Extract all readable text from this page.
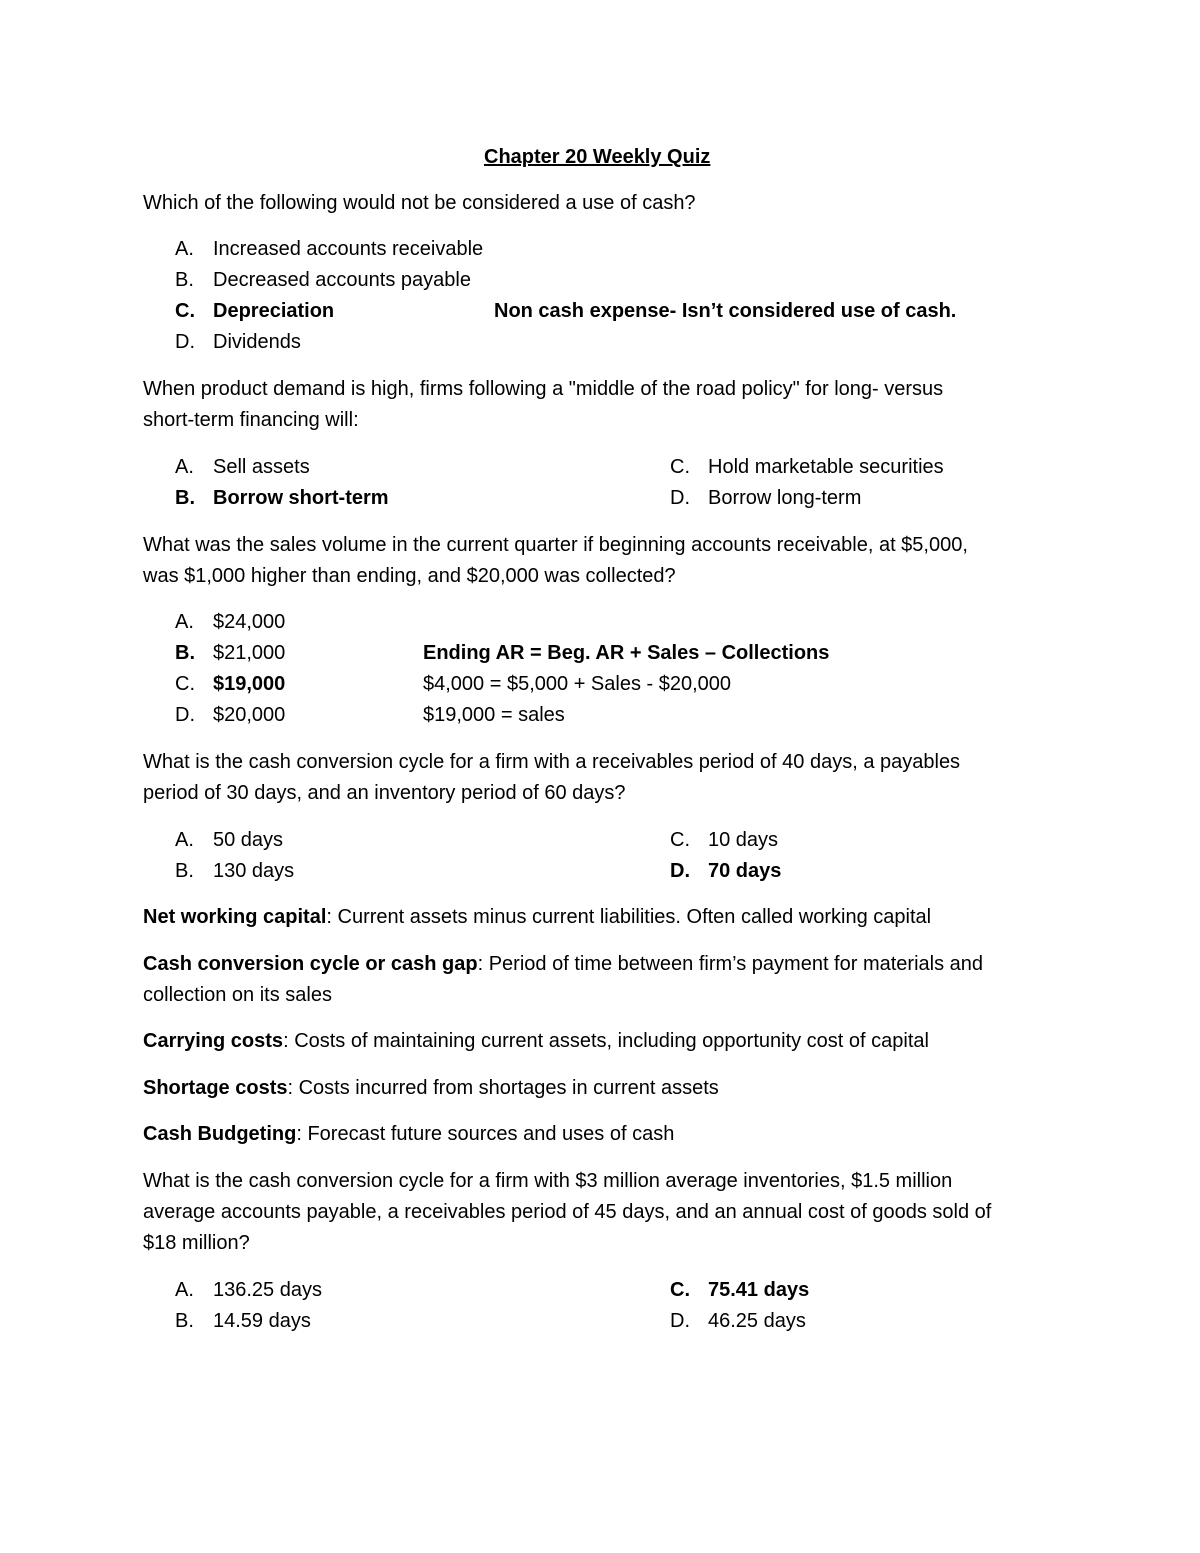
Chapter 20 Weekly Quiz
Which of the following would not be considered a use of cash?
A. Increased accounts receivable
B. Decreased accounts payable
C. Depreciation	Non cash expense- Isn’t considered use of cash.
D. Dividends
When product demand is high, firms following a "middle of the road policy" for long- versus
short-term financing will:
A. Sell assets
B. Borrow short-term
C. Hold marketable securities
D. Borrow long-term
What was the sales volume in the current quarter if beginning accounts receivable, at $5,000,
was $1,000 higher than ending, and $20,000 was collected?
A. $24,000
B. $21,000
C. $19,000
D. $20,000
Ending AR = Beg. AR + Sales – Collections
$4,000 = $5,000 + Sales - $20,000
$19,000 = sales
What is the cash conversion cycle for a firm with a receivables period of 40 days, a payables
period of 30 days, and an inventory period of 60 days?
A. 50 days
B. 130 days
C. 10 days
D. 70 days
Net working capital: Current assets minus current liabilities. Often called working capital
Cash conversion cycle or cash gap: Period of time between firm’s payment for materials and
collection on its sales
Carrying costs: Costs of maintaining current assets, including opportunity cost of capital
Shortage costs: Costs incurred from shortages in current assets
Cash Budgeting: Forecast future sources and uses of cash
What is the cash conversion cycle for a firm with $3 million average inventories, $1.5 million
average accounts payable, a receivables period of 45 days, and an annual cost of goods sold of
$18 million?
A. 136.25 days
B. 14.59 days
C. 75.41 days
D. 46.25 days
